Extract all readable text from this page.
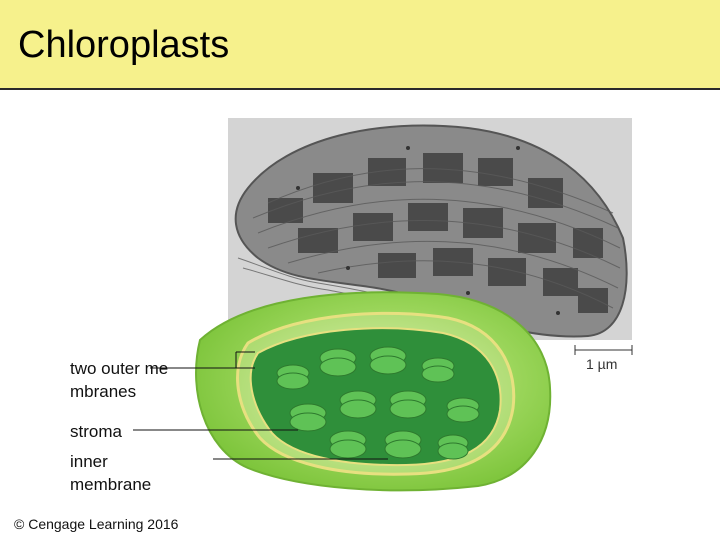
Chloroplasts
two outer membranes
stroma
inner membrane
1 µm
© Cengage Learning 2016
